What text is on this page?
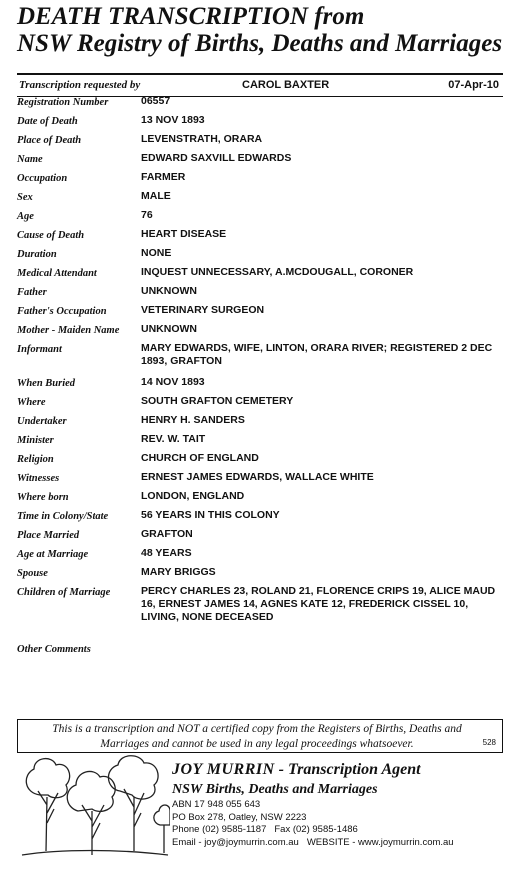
DEATH TRANSCRIPTION from
NSW Registry of Births, Deaths and Marriages
Transcription requested by	CAROL BAXTER	07-Apr-10
Registration Number	06557
Date of Death	13 NOV 1893
Place of Death	LEVENSTRATH, ORARA
Name	EDWARD SAXVILL EDWARDS
Occupation	FARMER
Sex	MALE
Age	76
Cause of Death	HEART DISEASE
Duration	NONE
Medical Attendant	INQUEST UNNECESSARY, A.MCDOUGALL, CORONER
Father	UNKNOWN
Father's Occupation	VETERINARY SURGEON
Mother - Maiden Name	UNKNOWN
Informant	MARY EDWARDS, WIFE, LINTON, ORARA RIVER; REGISTERED 2 DEC 1893, GRAFTON
When Buried	14 NOV 1893
Where	SOUTH GRAFTON CEMETERY
Undertaker	HENRY H. SANDERS
Minister	REV. W. TAIT
Religion	CHURCH OF ENGLAND
Witnesses	ERNEST JAMES EDWARDS, WALLACE WHITE
Where born	LONDON, ENGLAND
Time in Colony/State	56 YEARS IN THIS COLONY
Place Married	GRAFTON
Age at Marriage	48 YEARS
Spouse	MARY BRIGGS
Children of Marriage	PERCY CHARLES 23, ROLAND 21, FLORENCE CRIPS 19, ALICE MAUD 16, ERNEST JAMES 14, AGNES KATE 12, FREDERICK CISSEL 10, LIVING, NONE DECEASED
Other Comments
This is a transcription and NOT a certified copy from the Registers of Births, Deaths and
Marriages and cannot be used in any legal proceedings whatsoever.	528
JOY MURRIN - Transcription Agent
NSW Births, Deaths and Marriages
ABN 17 948 055 643
PO Box 278, Oatley, NSW 2223
Phone (02) 9585-1187 Fax (02) 9585-1486
Email - joy@joymurrin.com.au WEBSITE - www.joymurrin.com.au
